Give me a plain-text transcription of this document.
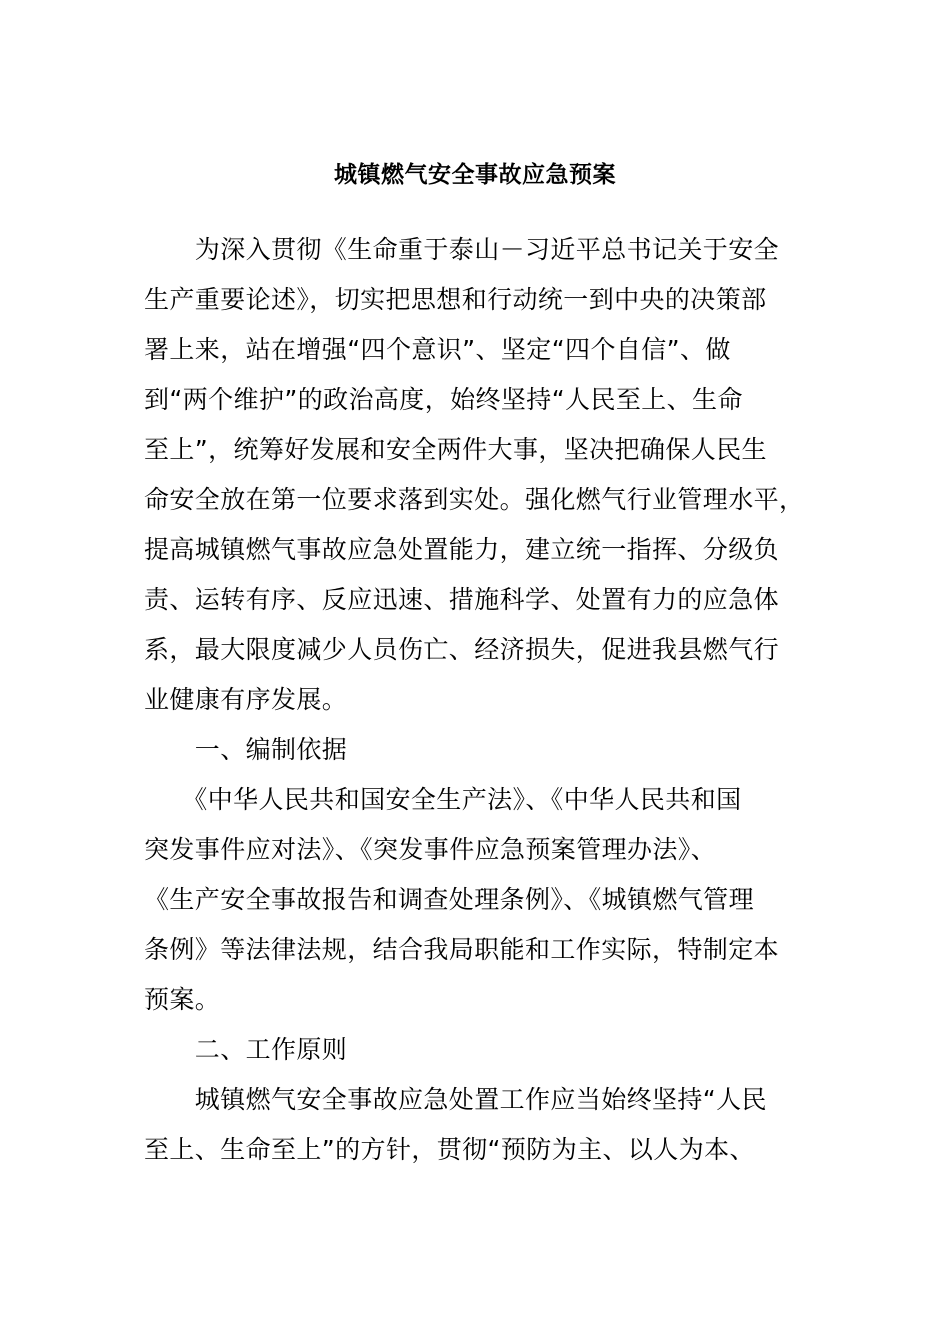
城镇燃气安全事故应急预案
　　为深入贯彻《生命重于泰山－习近平总书记关于安全
生产重要论述》，切实把思想和行动统一到中央的决策部
署上来，站在增强“四个意识”、坚定“四个自信”、做
到“两个维护”的政治高度，始终坚持“人民至上、生命
至上”，统筹好发展和安全两件大事，坚决把确保人民生
命安全放在第一位要求落到实处。强化燃气行业管理水平，
提高城镇燃气事故应急处置能力，建立统一指挥、分级负
责、运转有序、反应迅速、措施科学、处置有力的应急体
系，最大限度减少人员伤亡、经济损失，促进我县燃气行
业健康有序发展。
　　一、编制依据
　　《中华人民共和国安全生产法》、《中华人民共和国
突发事件应对法》、《突发事件应急预案管理办法》、
《生产安全事故报告和调查处理条例》、《城镇燃气管理
条例》等法律法规，结合我局职能和工作实际，特制定本
预案。
　　二、工作原则
　　城镇燃气安全事故应急处置工作应当始终坚持“人民
至上、生命至上”的方针，贯彻“预防为主、以人为本、
